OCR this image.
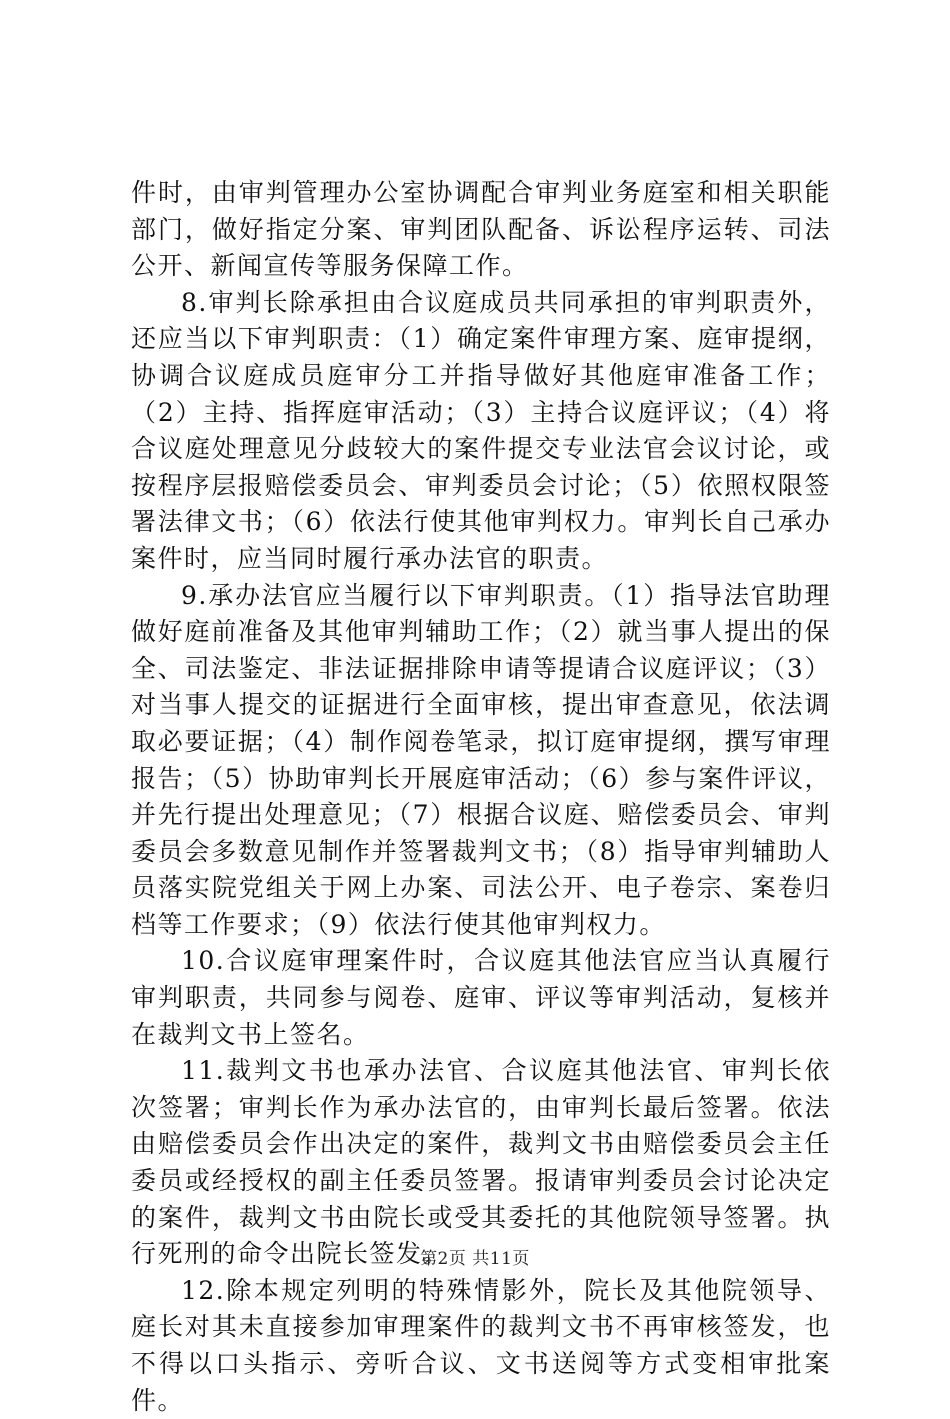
件时，由审判管理办公室协调配合审判业务庭室和相关职能部门，做好指定分案、审判团队配备、诉讼程序运转、司法公开、新闻宣传等服务保障工作。

8.审判长除承担由合议庭成员共同承担的审判职责外，还应当以下审判职责：（1）确定案件审理方案、庭审提纲，协调合议庭成员庭审分工并指导做好其他庭审准备工作；（2）主持、指挥庭审活动；（3）主持合议庭评议；（4）将合议庭处理意见分歧较大的案件提交专业法官会议讨论，或按程序层报赔偿委员会、审判委员会讨论；（5）依照权限签署法律文书；（6）依法行使其他审判权力。审判长自己承办案件时，应当同时履行承办法官的职责。

9.承办法官应当履行以下审判职责。（1）指导法官助理做好庭前准备及其他审判辅助工作；（2）就当事人提出的保全、司法鉴定、非法证据排除申请等提请合议庭评议；（3）对当事人提交的证据进行全面审核，提出审查意见，依法调取必要证据；（4）制作阅卷笔录，拟订庭审提纲，撰写审理报告；（5）协助审判长开展庭审活动；（6）参与案件评议，并先行提出处理意见；（7）根据合议庭、赔偿委员会、审判委员会多数意见制作并签署裁判文书；（8）指导审判辅助人员落实院党组关于网上办案、司法公开、电子卷宗、案卷归档等工作要求；（9）依法行使其他审判权力。

10.合议庭审理案件时，合议庭其他法官应当认真履行审判职责，共同参与阅卷、庭审、评议等审判活动，复核并在裁判文书上签名。

11.裁判文书也承办法官、合议庭其他法官、审判长依次签署；审判长作为承办法官的，由审判长最后签署。依法由赔偿委员会作出决定的案件，裁判文书由赔偿委员会主任委员或经授权的副主任委员签署。报请审判委员会讨论决定的案件，裁判文书由院长或受其委托的其他院领导签署。执行死刑的命令出院长签发。

12.除本规定列明的特殊情影外，院长及其他院领导、庭长对其未直接参加审理案件的裁判文书不再审核签发，也不得以口头指示、旁听合议、文书送阅等方式变相审批案件。

第2页 共11页
